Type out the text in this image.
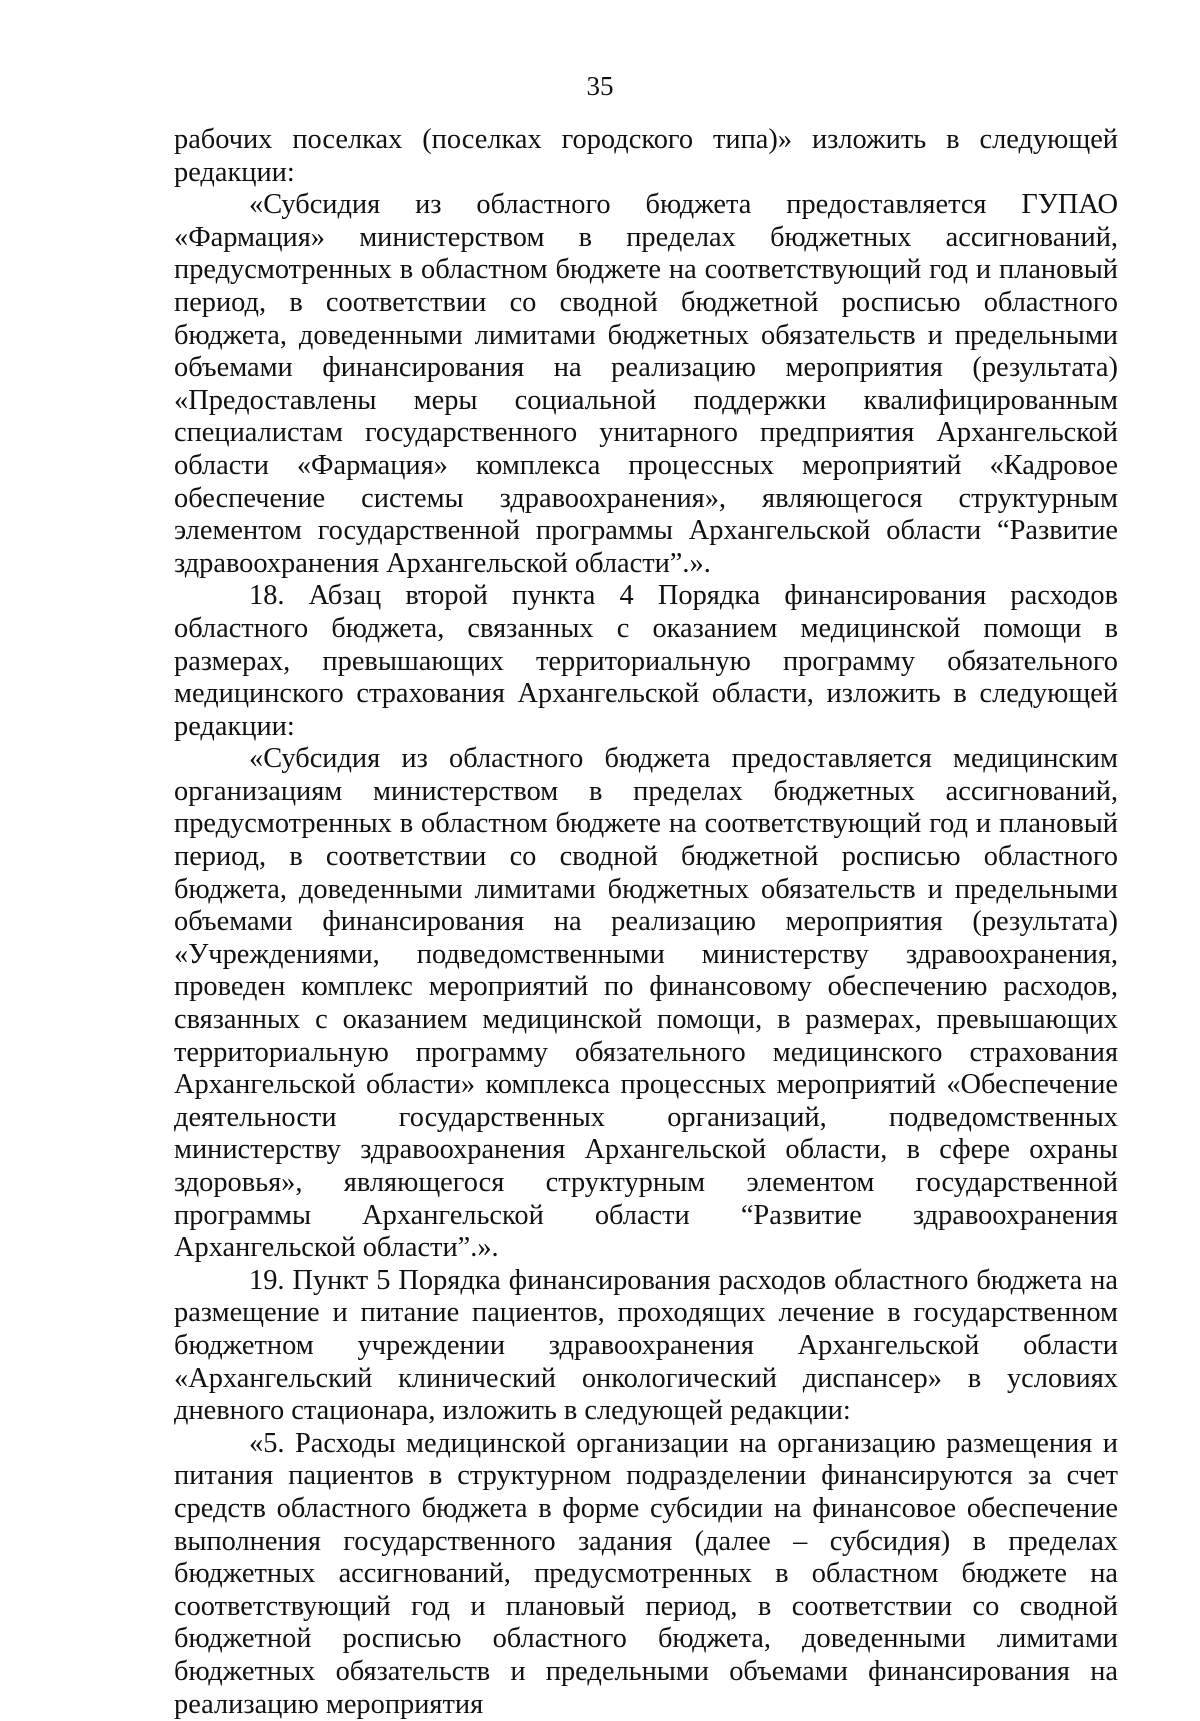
35

рабочих поселках (поселках городского типа)» изложить в следующей редакции:

«Субсидия из областного бюджета предоставляется ГУПАО «Фармация» министерством в пределах бюджетных ассигнований, предусмотренных в областном бюджете на соответствующий год и плановый период, в соответствии со сводной бюджетной росписью областного бюджета, доведенными лимитами бюджетных обязательств и предельными объемами финансирования на реализацию мероприятия (результата) «Предоставлены меры социальной поддержки квалифицированным специалистам государственного унитарного предприятия Архангельской области «Фармация» комплекса процессных мероприятий «Кадровое обеспечение системы здравоохранения», являющегося структурным элементом государственной программы Архангельской области “Развитие здравоохранения Архангельской области”.».

18. Абзац второй пункта 4 Порядка финансирования расходов областного бюджета, связанных с оказанием медицинской помощи в размерах, превышающих территориальную программу обязательного медицинского страхования Архангельской области, изложить в следующей редакции:

«Субсидия из областного бюджета предоставляется медицинским организациям министерством в пределах бюджетных ассигнований, предусмотренных в областном бюджете на соответствующий год и плановый период, в соответствии со сводной бюджетной росписью областного бюджета, доведенными лимитами бюджетных обязательств и предельными объемами финансирования на реализацию мероприятия (результата) «Учреждениями, подведомственными министерству здравоохранения, проведен комплекс мероприятий по финансовому обеспечению расходов, связанных с оказанием медицинской помощи, в размерах, превышающих территориальную программу обязательного медицинского страхования Архангельской области» комплекса процессных мероприятий «Обеспечение деятельности государственных организаций, подведомственных министерству здравоохранения Архангельской области, в сфере охраны здоровья», являющегося структурным элементом государственной программы Архангельской области “Развитие здравоохранения Архангельской области”.».

19. Пункт 5 Порядка финансирования расходов областного бюджета на размещение и питание пациентов, проходящих лечение в государственном бюджетном учреждении здравоохранения Архангельской области «Архангельский клинический онкологический диспансер» в условиях дневного стационара, изложить в следующей редакции:

«5. Расходы медицинской организации на организацию размещения и питания пациентов в структурном подразделении финансируются за счет средств областного бюджета в форме субсидии на финансовое обеспечение выполнения государственного задания (далее – субсидия) в пределах бюджетных ассигнований, предусмотренных в областном бюджете на соответствующий год и плановый период, в соответствии со сводной бюджетной росписью областного бюджета, доведенными лимитами бюджетных обязательств и предельными объемами финансирования на реализацию мероприятия
